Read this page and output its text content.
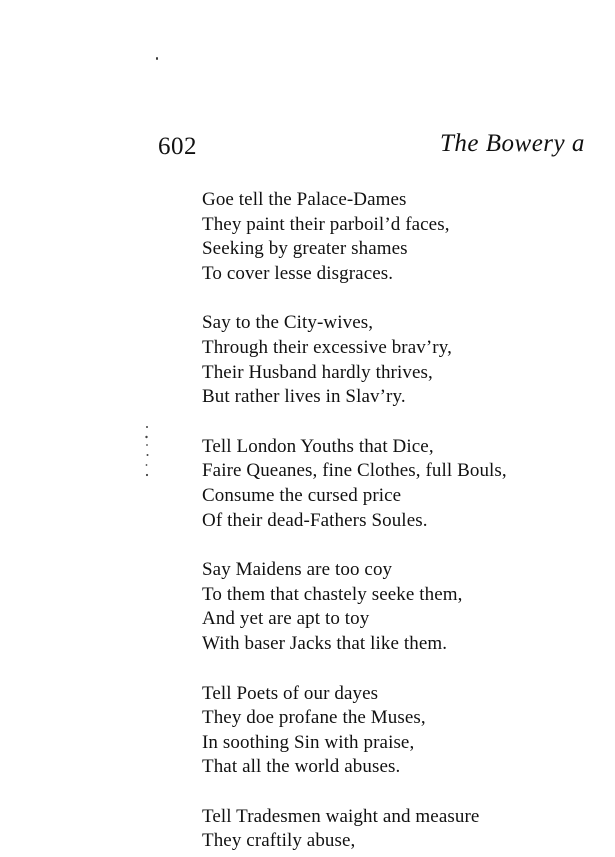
602	The Bowery a
Goe tell the Palace-Dames
They paint their parboil’d faces,
Seeking by greater shames
To cover lesse disgraces.
Say to the City-wives,
Through their excessive brav’ry,
Their Husband hardly thrives,
But rather lives in Slav’ry.
Tell London Youths that Dice,
Faire Queanes, fine Clothes, full Bouls,
Consume the cursed price
Of their dead-Fathers Soules.
Say Maidens are too coy
To them that chastely seeke them,
And yet are apt to toy
With baser Jacks that like them.
Tell Poets of our dayes
They doe profane the Muses,
In soothing Sin with praise,
That all the world abuses.
Tell Tradesmen waight and measure
They craftily abuse,
